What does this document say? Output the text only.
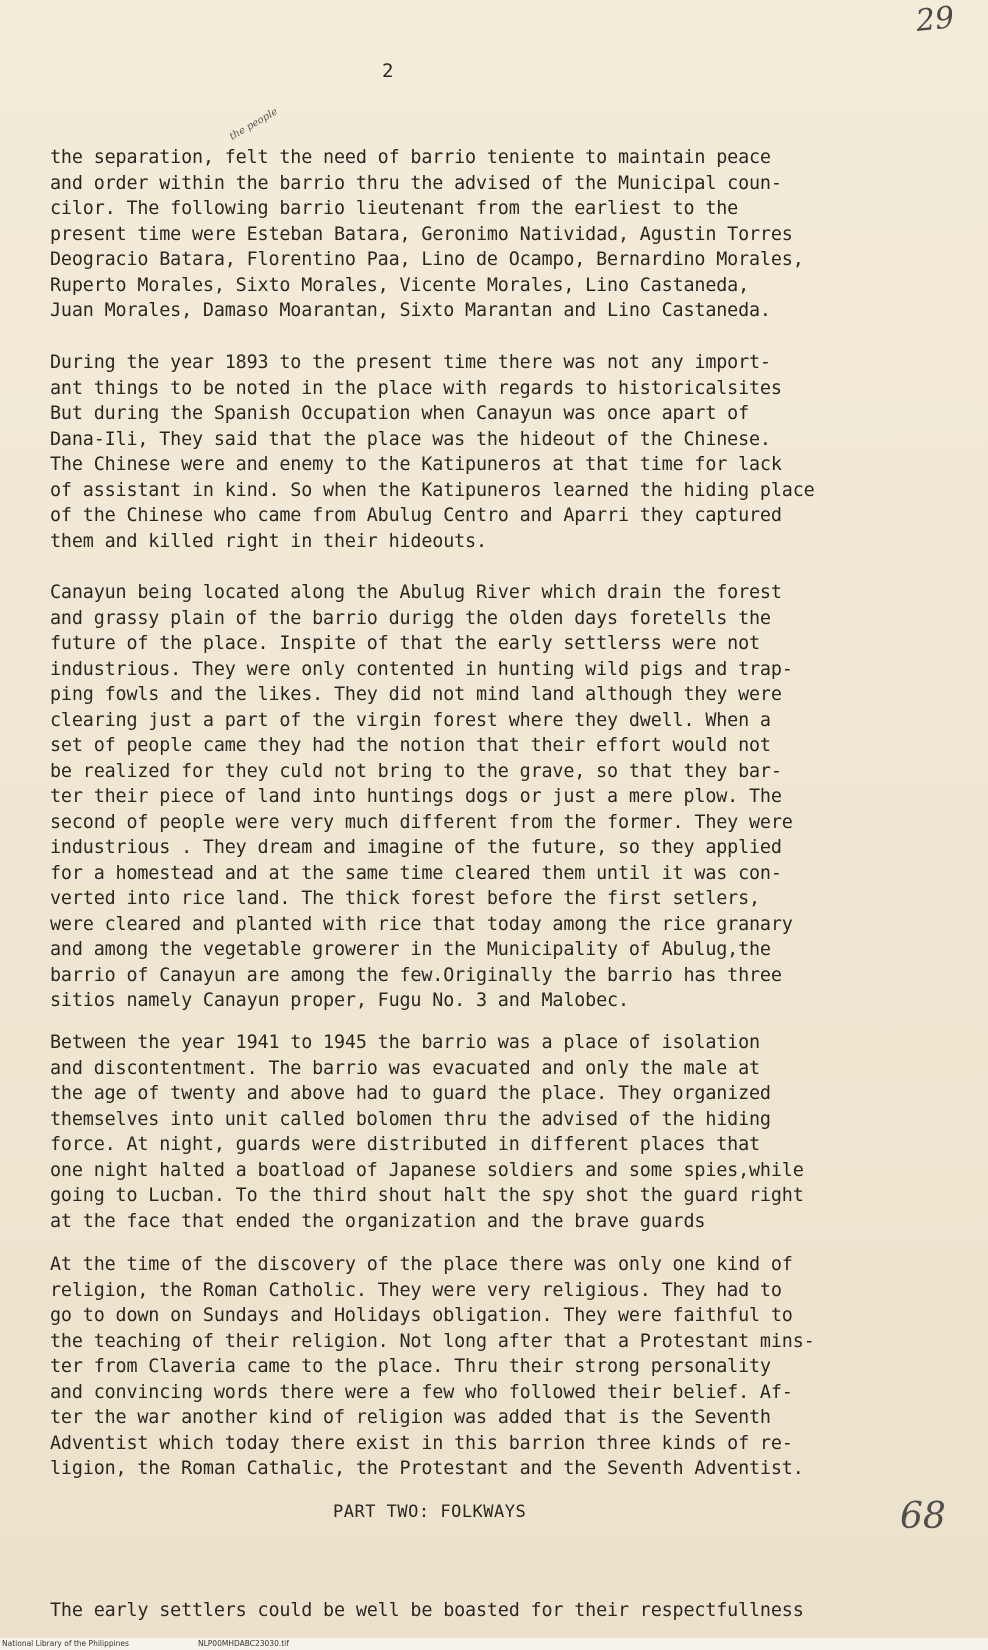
29
2
the people
the separation, felt the need of barrio teniente to maintain peace
and order within the barrio thru the advised of the Municipal coun-
cilor. The following barrio lieutenant from the earliest to the
present time were Esteban Batara, Geronimo Natividad, Agustin Torres
Deogracio Batara, Florentino Paa, Lino de Ocampo, Bernardino Morales,
Ruperto Morales, Sixto Morales, Vicente Morales, Lino Castaneda,
Juan Morales, Damaso Moarantan, Sixto Marantan and Lino Castaneda.
During the year 1893 to the present time there was not any import-
ant things to be noted in the place with regards to historicalsites
But during the Spanish Occupation when Canayun was once apart of
Dana-Ili, They said that the place was the hideout of the Chinese.
The Chinese were and enemy to the Katipuneros at that time for lack
of assistant in kind. So when the Katipuneros learned the hiding place
of the Chinese who came from Abulug Centro and Aparri they captured
them and killed right in their hideouts.
Canayun being located along the Abulug River which drain the forest
and grassy plain of the barrio durigg the olden days foretells the
future of the place. Inspite of that the early settlerss were not
industrious. They were only contented in hunting wild pigs and trap-
ping fowls and the likes. They did not mind land although they were
clearing just a part of the virgin forest where they dwell. When a
set of people came they had the notion that their effort would not
be realized for they culd not bring to the grave, so that they bar-
ter their piece of land into huntings dogs or just a mere plow. The
second of people were very much different from the former. They were
industrious . They dream and imagine of the future, so they applied
for a homestead and at the same time cleared them until it was con-
verted into rice land. The thick forest before the first setlers,
were cleared and planted with rice that today among the rice granary
and among the vegetable growerer in the Municipality of Abulug,the
barrio of Canayun are among the few.Originally the barrio has three
sitios namely Canayun proper, Fugu No. 3 and Malobec.
Between the year 1941 to 1945 the barrio was a place of isolation
and discontentment. The barrio was evacuated and only the male at
the age of twenty and above had to guard the place. They organized
themselves into unit called bolomen thru the advised of the hiding
force. At night, guards were distributed in different places that
one night halted a boatload of Japanese soldiers and some spies,while
going to Lucban. To the third shout halt the spy shot the guard right
at the face that ended the organization and the brave guards
At the time of the discovery of the place there was only one kind of
religion, the Roman Catholic. They were very religious. They had to
go to down on Sundays and Holidays obligation. They were faithful to
the teaching of their religion. Not long after that a Protestant mins-
ter from Claveria came to the place. Thru their strong personality
and convincing words there were a few who followed their belief. Af-
ter the war another kind of religion was added that is the Seventh
Adventist which today there exist in this barrion three kinds of re-
ligion, the Roman Cathalic, the Protestant and the Seventh Adventist.
PART TWO: FOLKWAYS	68
The early settlers could be well be boasted for their respectfullness
National Library of the Philippines	NLP00MHDABC23030.tif
